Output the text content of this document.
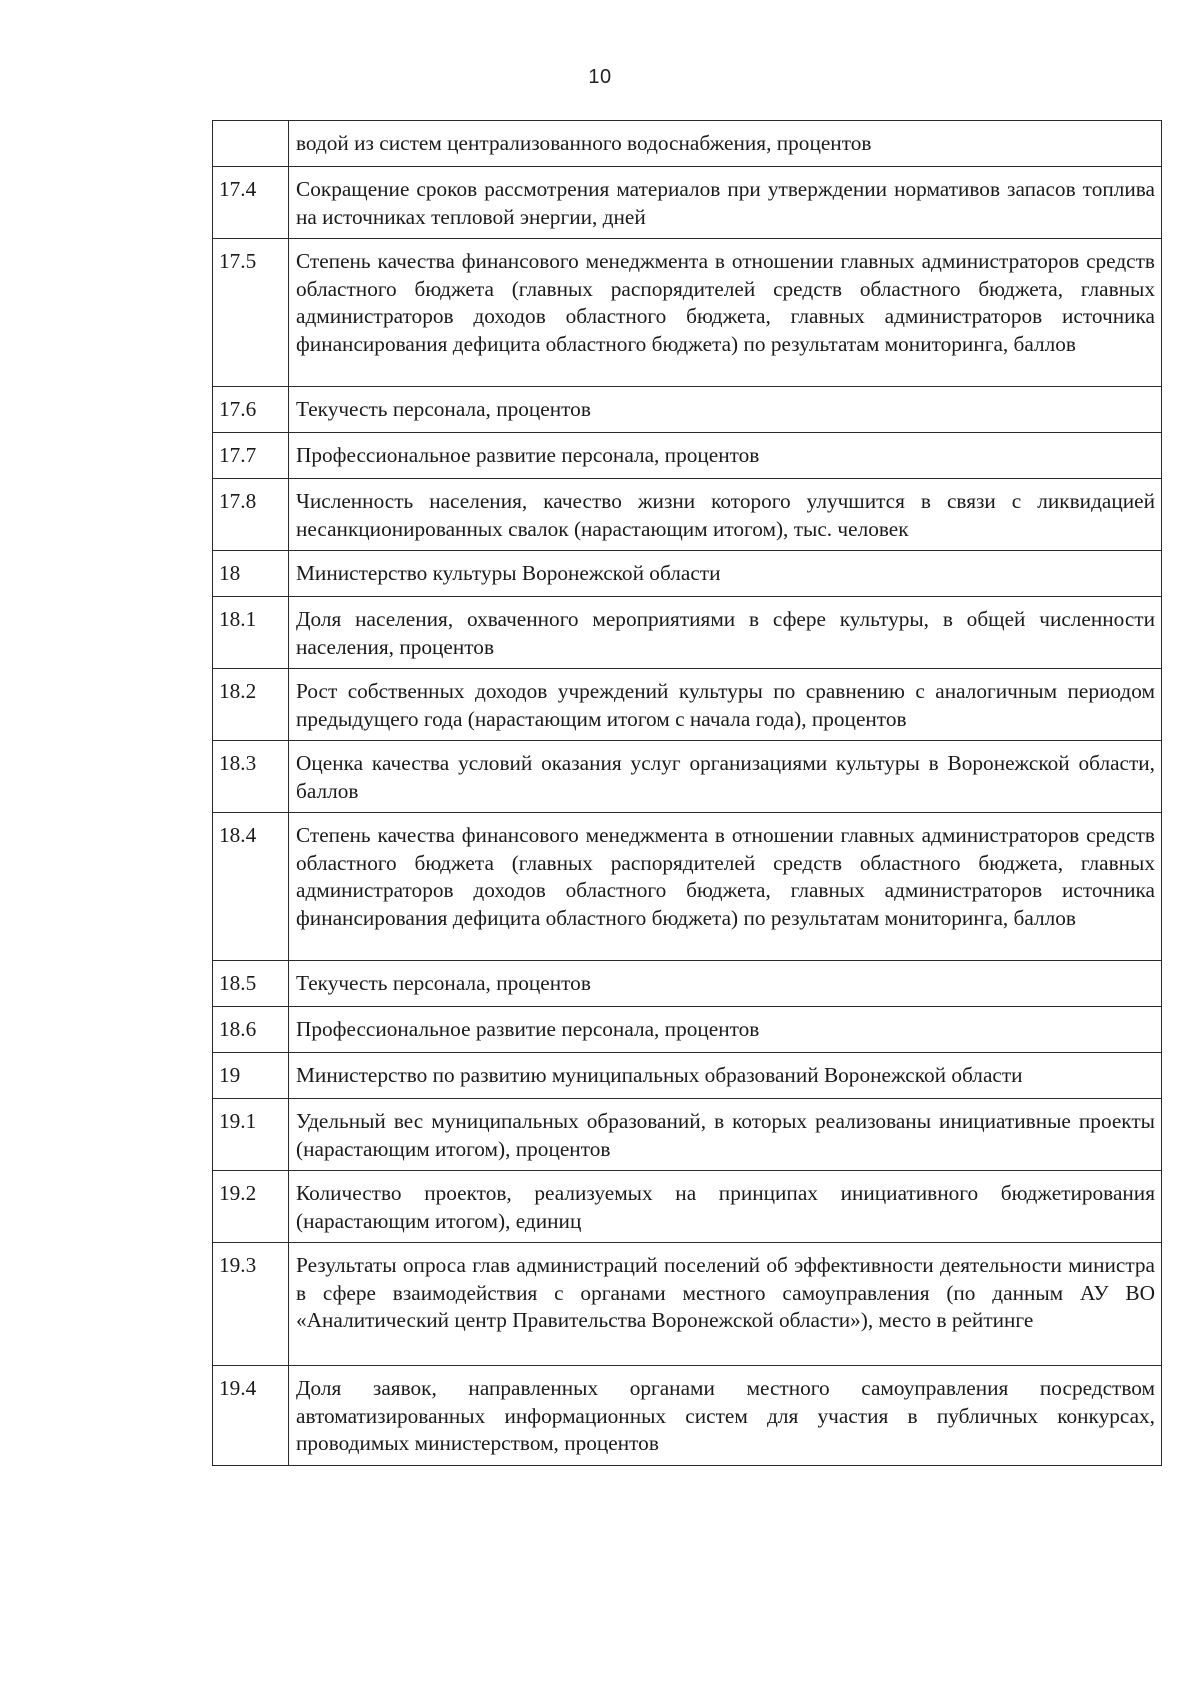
10
	водой из систем централизованного водоснабжения, процентов
17.4	Сокращение сроков рассмотрения материалов при утверждении нормативов запасов топлива на источниках тепловой энергии, дней
17.5	Степень качества финансового менеджмента в отношении главных администраторов средств областного бюджета (главных распорядителей средств областного бюджета, главных администраторов доходов областного бюджета, главных администраторов источника финансирования дефицита областного бюджета) по результатам мониторинга, баллов
17.6	Текучесть персонала, процентов
17.7	Профессиональное развитие персонала, процентов
17.8	Численность населения, качество жизни которого улучшится в связи с ликвидацией несанкционированных свалок (нарастающим итогом), тыс. человек
18	Министерство культуры Воронежской области
18.1	Доля населения, охваченного мероприятиями в сфере культуры, в общей численности населения, процентов
18.2	Рост собственных доходов учреждений культуры по сравнению с аналогичным периодом предыдущего года (нарастающим итогом с начала года), процентов
18.3	Оценка качества условий оказания услуг организациями культуры в Воронежской области, баллов
18.4	Степень качества финансового менеджмента в отношении главных администраторов средств областного бюджета (главных распорядителей средств областного бюджета, главных администраторов доходов областного бюджета, главных администраторов источника финансирования дефицита областного бюджета) по результатам мониторинга, баллов
18.5	Текучесть персонала, процентов
18.6	Профессиональное развитие персонала, процентов
19	Министерство по развитию муниципальных образований Воронежской области
19.1	Удельный вес муниципальных образований, в которых реализованы инициативные проекты (нарастающим итогом), процентов
19.2	Количество проектов, реализуемых на принципах инициативного бюджетирования (нарастающим итогом), единиц
19.3	Результаты опроса глав администраций поселений об эффективности деятельности министра в сфере взаимодействия с органами местного самоуправления (по данным АУ ВО «Аналитический центр Правительства Воронежской области»), место в рейтинге
19.4	Доля заявок, направленных органами местного самоуправления посредством автоматизированных информационных систем для участия в публичных конкурсах, проводимых министерством, процентов
